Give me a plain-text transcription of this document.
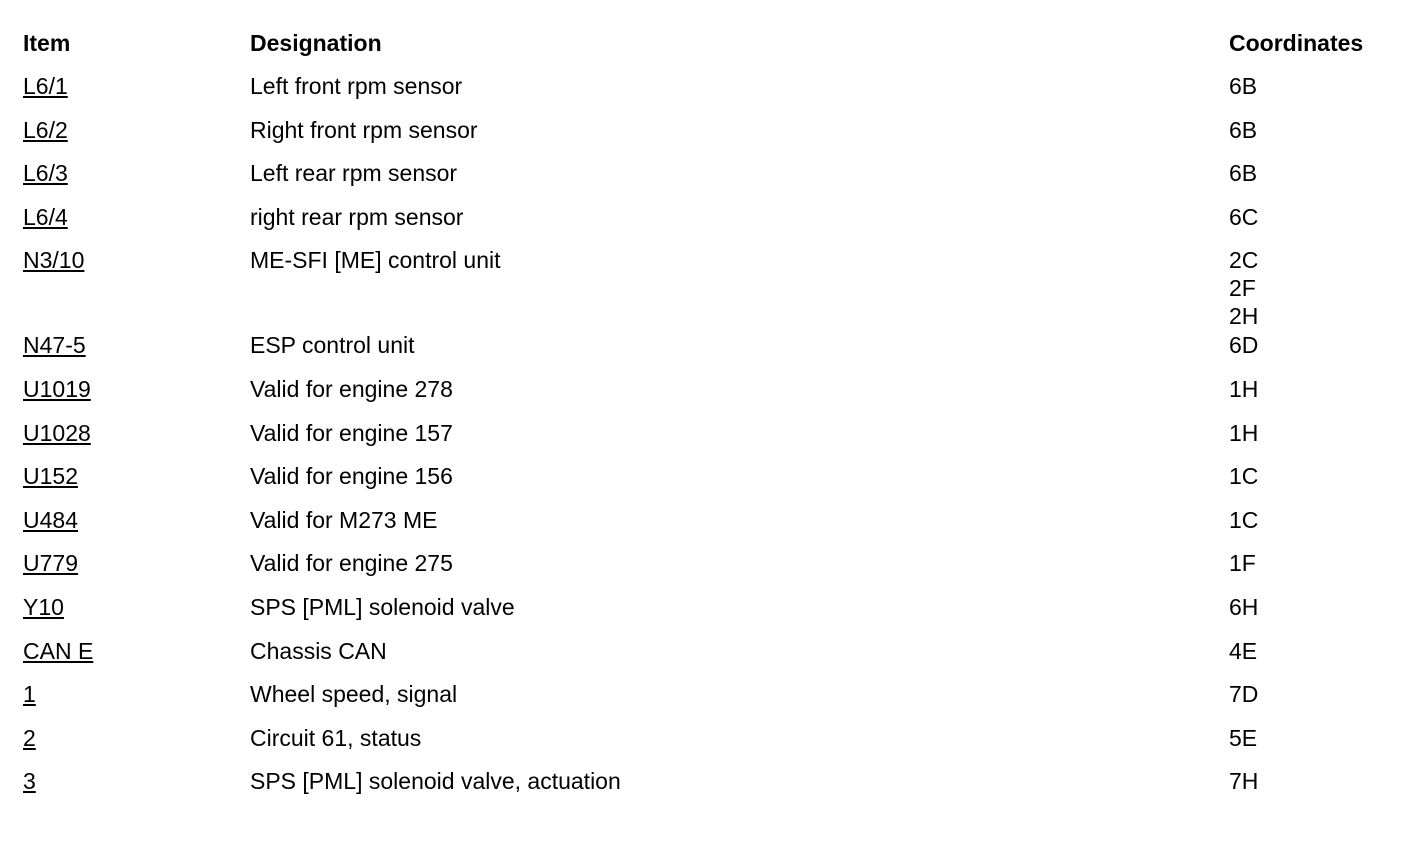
Item	Designation	Coordinates
L6/1	Left front rpm sensor	6B
L6/2	Right front rpm sensor	6B
L6/3	Left rear rpm sensor	6B
L6/4	right rear rpm sensor	6C
N3/10	ME-SFI [ME] control unit	2C
2F
2H
N47-5	ESP control unit	6D
U1019	Valid for engine 278	1H
U1028	Valid for engine 157	1H
U152	Valid for engine 156	1C
U484	Valid for M273 ME	1C
U779	Valid for engine 275	1F
Y10	SPS [PML] solenoid valve	6H
CAN E	Chassis CAN	4E
1	Wheel speed, signal	7D
2	Circuit 61, status	5E
3	SPS [PML] solenoid valve, actuation	7H
